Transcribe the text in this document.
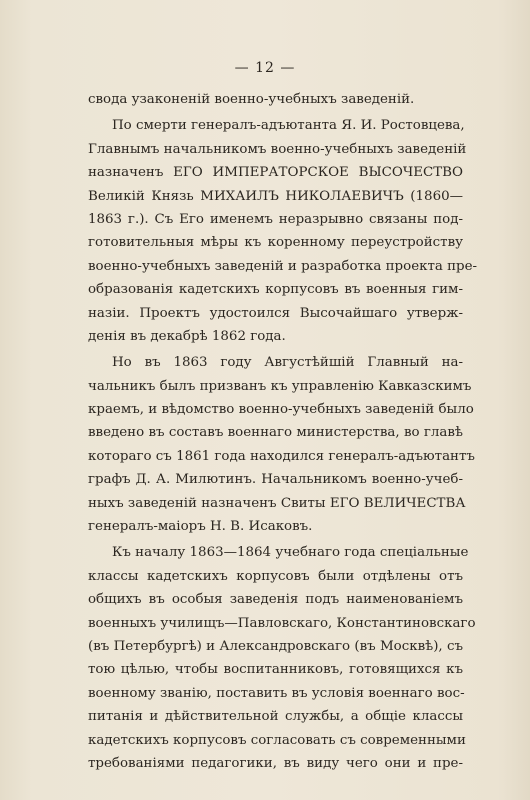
— 12 —
свода узаконеній военно-учебныхъ заведеній.
По смерти генералъ-адъютанта Я. И. Ростовцева,
Главнымъ начальникомъ военно-учебныхъ заведеній
назначенъ ЕГО ИМПЕРАТОРСКОЕ ВЫСОЧЕСТВО
Великій Князь МИХАИЛЪ НИКОЛАЕВИЧЪ (1860—
1863 г.). Съ Его именемъ неразрывно связаны под-
готовительныя мѣры къ коренному переустройству
военно-учебныхъ заведеній и разработка проекта пре-
образованія кадетскихъ корпусовъ въ военныя гим-
назіи. Проектъ удостоился Высочайшаго утверж-
денія въ декабрѣ 1862 года.
Но въ 1863 году Августѣйшій Главный на-
чальникъ былъ призванъ къ управленію Кавказскимъ
краемъ, и вѣдомство военно-учебныхъ заведеній было
введено въ составъ военнаго министерства, во главѣ
котораго съ 1861 года находился генералъ-адъютантъ
графъ Д. А. Милютинъ. Начальникомъ военно-учеб-
ныхъ заведеній назначенъ Свиты ЕГО ВЕЛИЧЕСТВА
генералъ-маіоръ Н. В. Исаковъ.
Къ началу 1863—1864 учебнаго года спеціальные
классы кадетскихъ корпусовъ были отдѣлены отъ
общихъ въ особыя заведенія подъ наименованіемъ
военныхъ училищъ—Павловскаго, Константиновскаго
(въ Петербургѣ) и Александровскаго (въ Москвѣ), съ
тою цѣлью, чтобы воспитанниковъ, готовящихся къ
военному званію, поставить въ условія военнаго вос-
питанія и дѣйствительной службы, а общіе классы
кадетскихъ корпусовъ согласовать съ современными
требованіями педагогики, въ виду чего они и пре-
